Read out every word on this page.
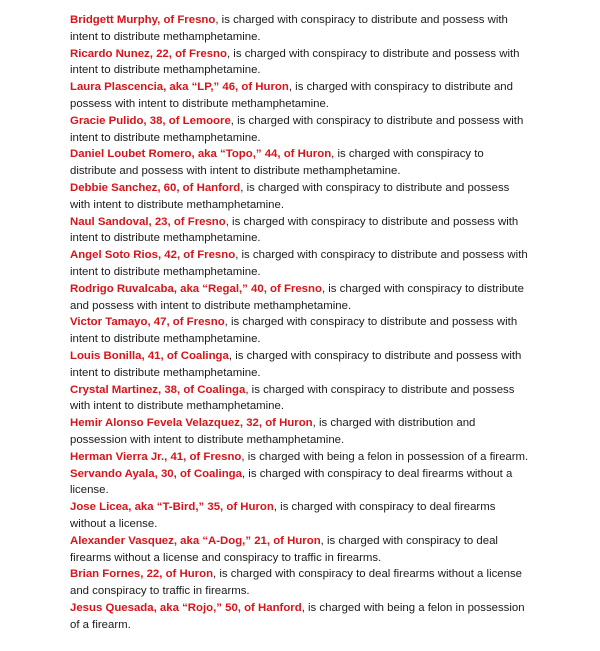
Bridgett Murphy, of Fresno, is charged with conspiracy to distribute and possess with intent to distribute methamphetamine.

Ricardo Nunez, 22, of Fresno, is charged with conspiracy to distribute and possess with intent to distribute methamphetamine.

Laura Plascencia, aka “LP,” 46, of Huron, is charged with conspiracy to distribute and possess with intent to distribute methamphetamine.

Gracie Pulido, 38, of Lemoore, is charged with conspiracy to distribute and possess with intent to distribute methamphetamine.

Daniel Loubet Romero, aka “Topo,” 44, of Huron, is charged with conspiracy to distribute and possess with intent to distribute methamphetamine.

Debbie Sanchez, 60, of Hanford, is charged with conspiracy to distribute and possess with intent to distribute methamphetamine.

Naul Sandoval, 23, of Fresno, is charged with conspiracy to distribute and possess with intent to distribute methamphetamine.

Angel Soto Rios, 42, of Fresno, is charged with conspiracy to distribute and possess with intent to distribute methamphetamine.

Rodrigo Ruvalcaba, aka “Regal,” 40, of Fresno, is charged with conspiracy to distribute and possess with intent to distribute methamphetamine.

Victor Tamayo, 47, of Fresno, is charged with conspiracy to distribute and possess with intent to distribute methamphetamine.

Louis Bonilla, 41, of Coalinga, is charged with conspiracy to distribute and possess with intent to distribute methamphetamine.

Crystal Martinez, 38, of Coalinga, is charged with conspiracy to distribute and possess with intent to distribute methamphetamine.

Hemir Alonso Fevela Velazquez, 32, of Huron, is charged with distribution and possession with intent to distribute methamphetamine.

Herman Vierra Jr., 41, of Fresno, is charged with being a felon in possession of a firearm.

Servando Ayala, 30, of Coalinga, is charged with conspiracy to deal firearms without a license.

Jose Licea, aka “T-Bird,” 35, of Huron, is charged with conspiracy to deal firearms without a license.

Alexander Vasquez, aka “A-Dog,” 21, of Huron, is charged with conspiracy to deal firearms without a license and conspiracy to traffic in firearms.

Brian Fornes, 22, of Huron, is charged with conspiracy to deal firearms without a license and conspiracy to traffic in firearms.

Jesus Quesada, aka “Rojo,” 50, of Hanford, is charged with being a felon in possession of a firearm.
